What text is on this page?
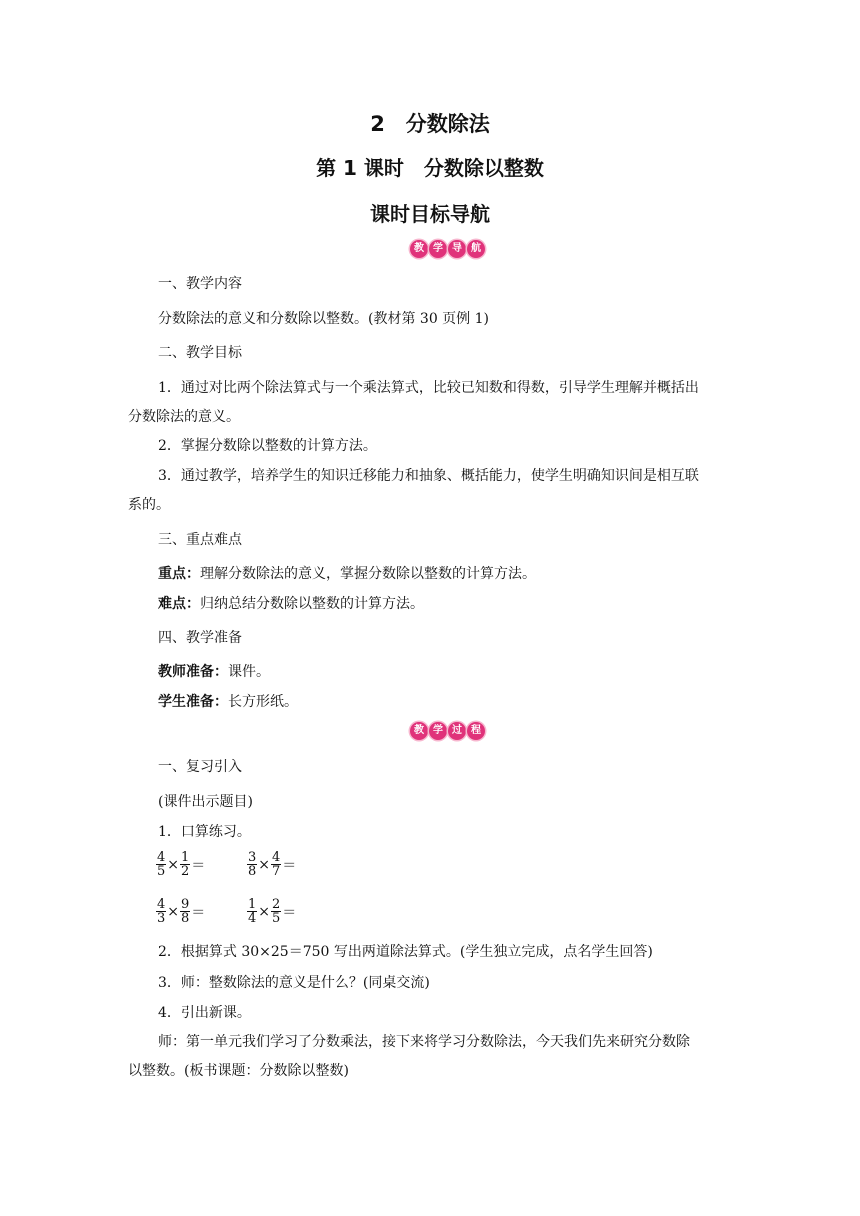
2　分数除法
第 1 课时　分数除以整数
课时目标导航
教 学 导 航
一、教学内容
分数除法的意义和分数除以整数。(教材第 30 页例 1)
二、教学目标
1．通过对比两个除法算式与一个乘法算式，比较已知数和得数，引导学生理解并概括出
分数除法的意义。
2．掌握分数除以整数的计算方法。
3．通过教学，培养学生的知识迁移能力和抽象、概括能力，使学生明确知识间是相互联
系的。
三、重点难点
重点：理解分数除法的意义，掌握分数除以整数的计算方法。
难点：归纳总结分数除以整数的计算方法。
四、教学准备
教师准备：课件。
学生准备：长方形纸。
教 学 过 程
一、复习引入
(课件出示题目)
1．口算练习。
$\frac{4}{5} \times \frac{1}{2}$ ＝	$\frac{3}{8} \times \frac{4}{7}$ ＝
$\frac{4}{3} \times \frac{9}{8}$ ＝	$\frac{1}{4} \times \frac{2}{5}$ ＝
2．根据算式 30×25＝750 写出两道除法算式。(学生独立完成，点名学生回答)
3．师：整数除法的意义是什么？(同桌交流)
4．引出新课。
师：第一单元我们学习了分数乘法，接下来将学习分数除法，今天我们先来研究分数除
以整数。(板书课题：分数除以整数)
